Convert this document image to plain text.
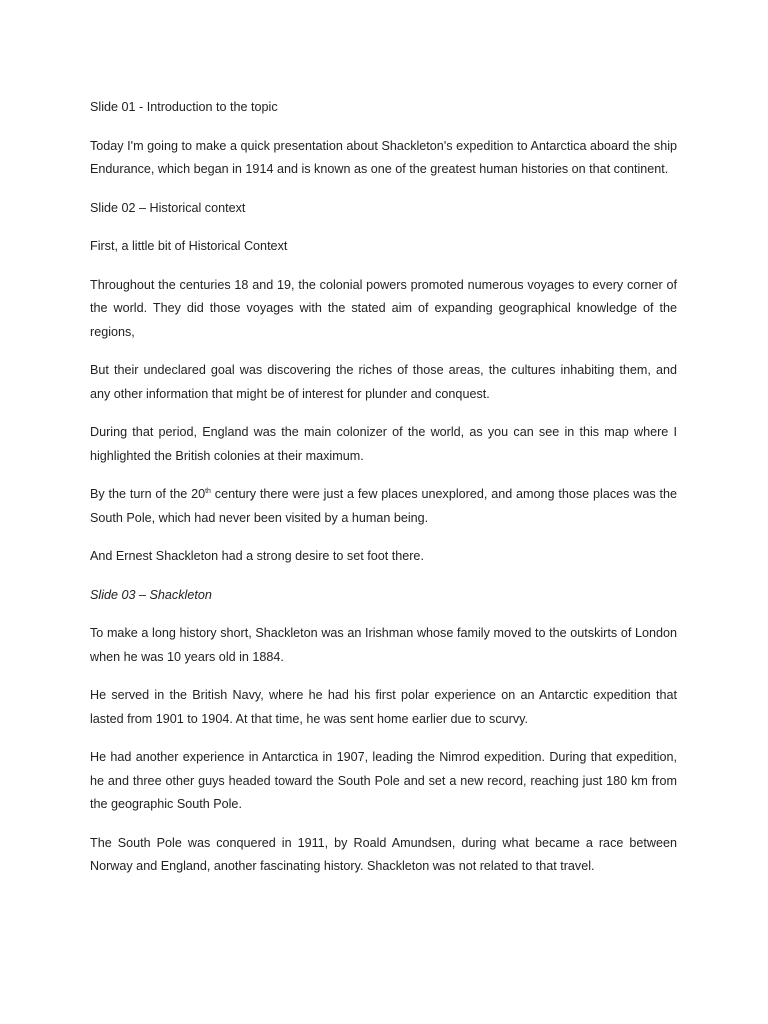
Slide 01 - Introduction to the topic

Today I'm going to make a quick presentation about Shackleton's expedition to Antarctica aboard the ship Endurance, which began in 1914 and is known as one of the greatest human histories on that continent.

Slide 02 – Historical context

First, a little bit of Historical Context

Throughout the centuries 18 and 19, the colonial powers promoted numerous voyages to every corner of the world. They did those voyages with the stated aim of expanding geographical knowledge of the regions,

But their undeclared goal was discovering the riches of those areas, the cultures inhabiting them, and any other information that might be of interest for plunder and conquest.

During that period, England was the main colonizer of the world, as you can see in this map where I highlighted the British colonies at their maximum.

By the turn of the 20th century there were just a few places unexplored, and among those places was the South Pole, which had never been visited by a human being.

And Ernest Shackleton had a strong desire to set foot there.

Slide 03 – Shackleton

To make a long history short, Shackleton was an Irishman whose family moved to the outskirts of London when he was 10 years old in 1884.

He served in the British Navy, where he had his first polar experience on an Antarctic expedition that lasted from 1901 to 1904. At that time, he was sent home earlier due to scurvy.

He had another experience in Antarctica in 1907, leading the Nimrod expedition. During that expedition, he and three other guys headed toward the South Pole and set a new record, reaching just 180 km from the geographic South Pole.

The South Pole was conquered in 1911, by Roald Amundsen, during what became a race between Norway and England, another fascinating history. Shackleton was not related to that travel.
